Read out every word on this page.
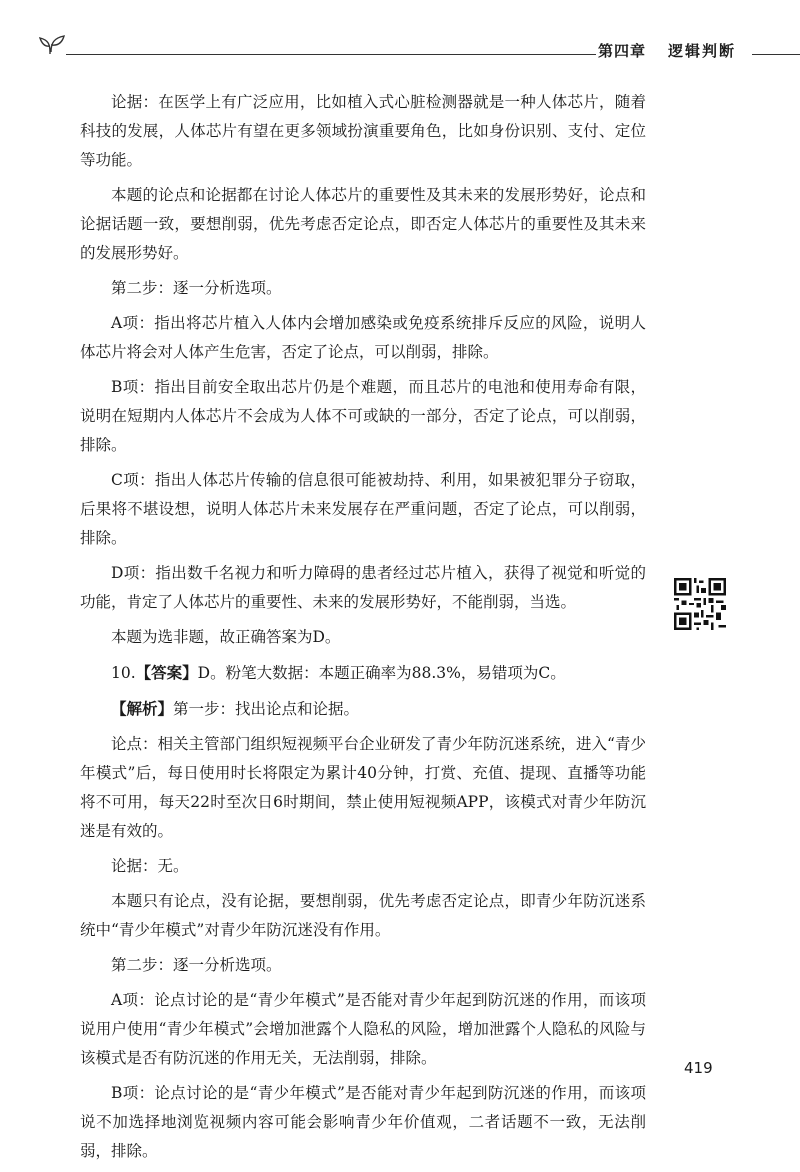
第四章 逻辑判断

论据：在医学上有广泛应用，比如植入式心脏检测器就是一种人体芯片，随着科技的发展，人体芯片有望在更多领域扮演重要角色，比如身份识别、支付、定位等功能。

本题的论点和论据都在讨论人体芯片的重要性及其未来的发展形势好，论点和论据话题一致，要想削弱，优先考虑否定论点，即否定人体芯片的重要性及其未来的发展形势好。

第二步：逐一分析选项。

A项：指出将芯片植入人体内会增加感染或免疫系统排斥反应的风险，说明人体芯片将会对人体产生危害，否定了论点，可以削弱，排除。

B项：指出目前安全取出芯片仍是个难题，而且芯片的电池和使用寿命有限，说明在短期内人体芯片不会成为人体不可或缺的一部分，否定了论点，可以削弱，排除。

C项：指出人体芯片传输的信息很可能被劫持、利用，如果被犯罪分子窃取，后果将不堪设想，说明人体芯片未来发展存在严重问题，否定了论点，可以削弱，排除。

D项：指出数千名视力和听力障碍的患者经过芯片植入，获得了视觉和听觉的功能，肯定了人体芯片的重要性、未来的发展形势好，不能削弱，当选。

本题为选非题，故正确答案为D。

10.【答案】D。粉笔大数据：本题正确率为88.3%，易错项为C。

【解析】第一步：找出论点和论据。

论点：相关主管部门组织短视频平台企业研发了青少年防沉迷系统，进入“青少年模式”后，每日使用时长将限定为累计40分钟，打赏、充值、提现、直播等功能将不可用，每天22时至次日6时期间，禁止使用短视频APP，该模式对青少年防沉迷是有效的。

论据：无。

本题只有论点，没有论据，要想削弱，优先考虑否定论点，即青少年防沉迷系统中“青少年模式”对青少年防沉迷没有作用。

第二步：逐一分析选项。

A项：论点讨论的是“青少年模式”是否能对青少年起到防沉迷的作用，而该项说用户使用“青少年模式”会增加泄露个人隐私的风险，增加泄露个人隐私的风险与该模式是否有防沉迷的作用无关，无法削弱，排除。

B项：论点讨论的是“青少年模式”是否能对青少年起到防沉迷的作用，而该项说不加选择地浏览视频内容可能会影响青少年价值观，二者话题不一致，无法削弱，排除。

419
